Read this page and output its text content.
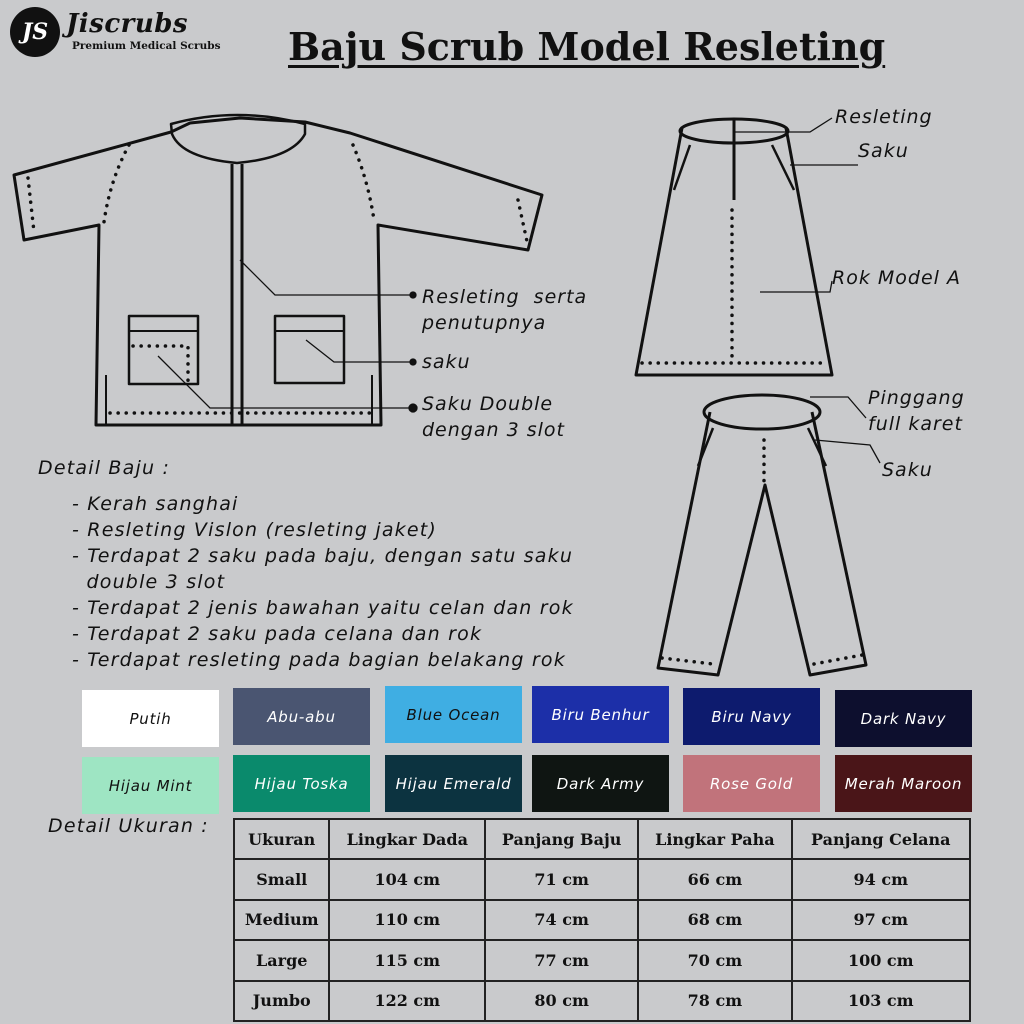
JS Jiscrubs
Premium Medical Scrubs Baju Scrub Model Resleting
Resleting  serta
penutupnya
saku
Saku Double
dengan 3 slot
Resleting
Saku
Rok Model A
Pinggang
full karet
Saku
Detail Baju :
- Kerah sanghai
- Resleting Vislon (resleting jaket)
- Terdapat 2 saku pada baju, dengan satu saku
double 3 slot
- Terdapat 2 jenis bawahan yaitu celan dan rok
- Terdapat 2 saku pada celana dan rok
- Terdapat resleting pada bagian belakang rok
Putih	Abu-abu	Blue Ocean	Biru Benhur	Biru Navy	Dark Navy
Hijau Mint	Hijau Toska	Hijau Emerald	Dark Army	Rose Gold	Merah Maroon
Detail Ukuran :
Ukuran	Lingkar Dada	Panjang Baju	Lingkar Paha	Panjang Celana
Small	104 cm	71 cm	66 cm	94 cm
Medium	110 cm	74 cm	68 cm	97 cm
Large	115 cm	77 cm	70 cm	100 cm
Jumbo	122 cm	80 cm	78 cm	103 cm
